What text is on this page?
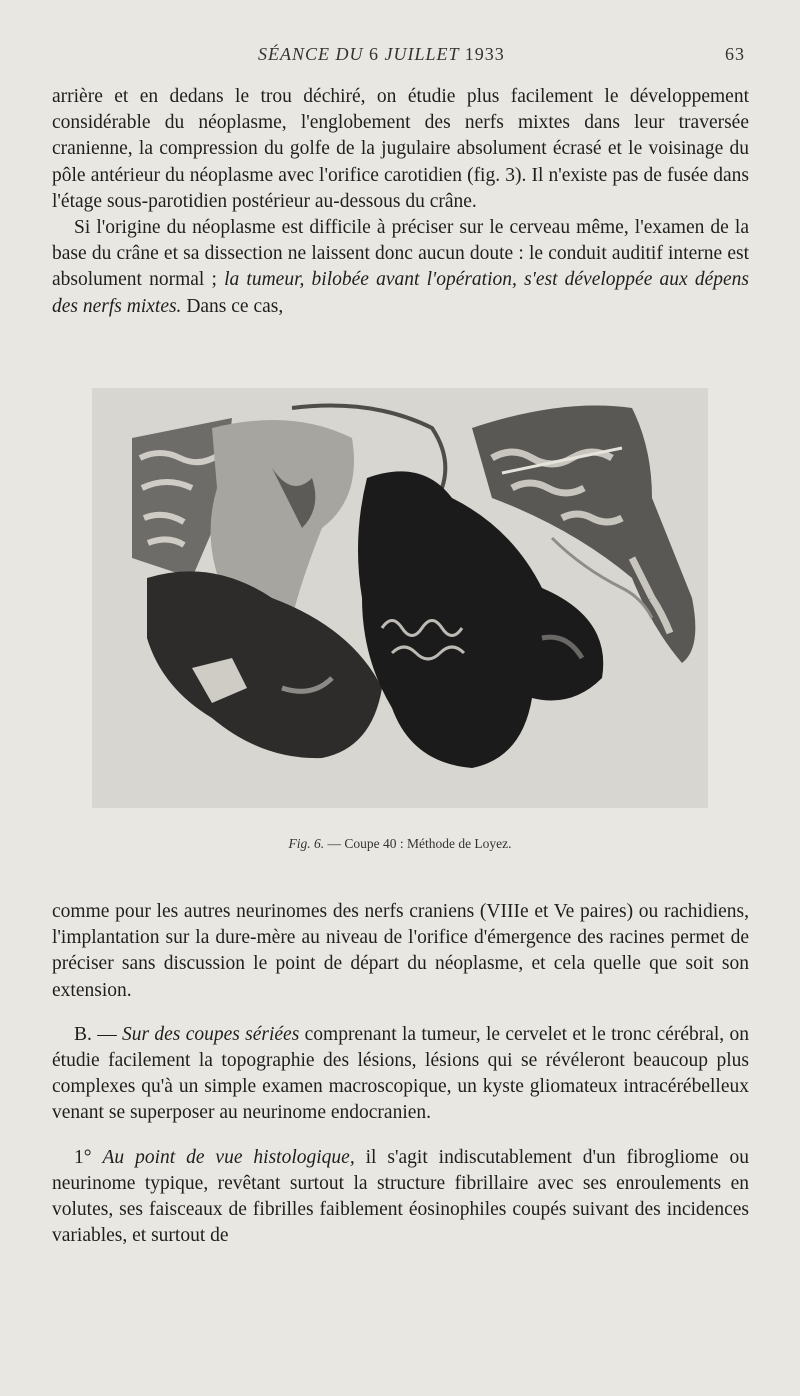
SÉANCE DU 6 JUILLET 1933	63

arrière et en dedans le trou déchiré, on étudie plus facilement le développement considérable du néoplasme, l'englobement des nerfs mixtes dans leur traversée cranienne, la compression du golfe de la jugulaire absolument écrasé et le voisinage du pôle antérieur du néoplasme avec l'orifice carotidien (fig. 3). Il n'existe pas de fusée dans l'étage sous-parotidien postérieur au-dessous du crâne.

Si l'origine du néoplasme est difficile à préciser sur le cerveau même, l'examen de la base du crâne et sa dissection ne laissent donc aucun doute : le conduit auditif interne est absolument normal ; la tumeur, bilobée avant l'opération, s'est développée aux dépens des nerfs mixtes. Dans ce cas,

Fig. 6. — Coupe 40 : Méthode de Loyez.

comme pour les autres neurinomes des nerfs craniens (VIIIe et Ve paires) ou rachidiens, l'implantation sur la dure-mère au niveau de l'orifice d'émergence des racines permet de préciser sans discussion le point de départ du néoplasme, et cela quelle que soit son extension.

B. — Sur des coupes sériées comprenant la tumeur, le cervelet et le tronc cérébral, on étudie facilement la topographie des lésions, lésions qui se révéleront beaucoup plus complexes qu'à un simple examen macroscopique, un kyste gliomateux intracérébelleux venant se superposer au neurinome endocranien.

1° Au point de vue histologique, il s'agit indiscutablement d'un fibrogliome ou neurinome typique, revêtant surtout la structure fibrillaire avec ses enroulements en volutes, ses faisceaux de fibrilles faiblement éosinophiles coupés suivant des incidences variables, et surtout de
